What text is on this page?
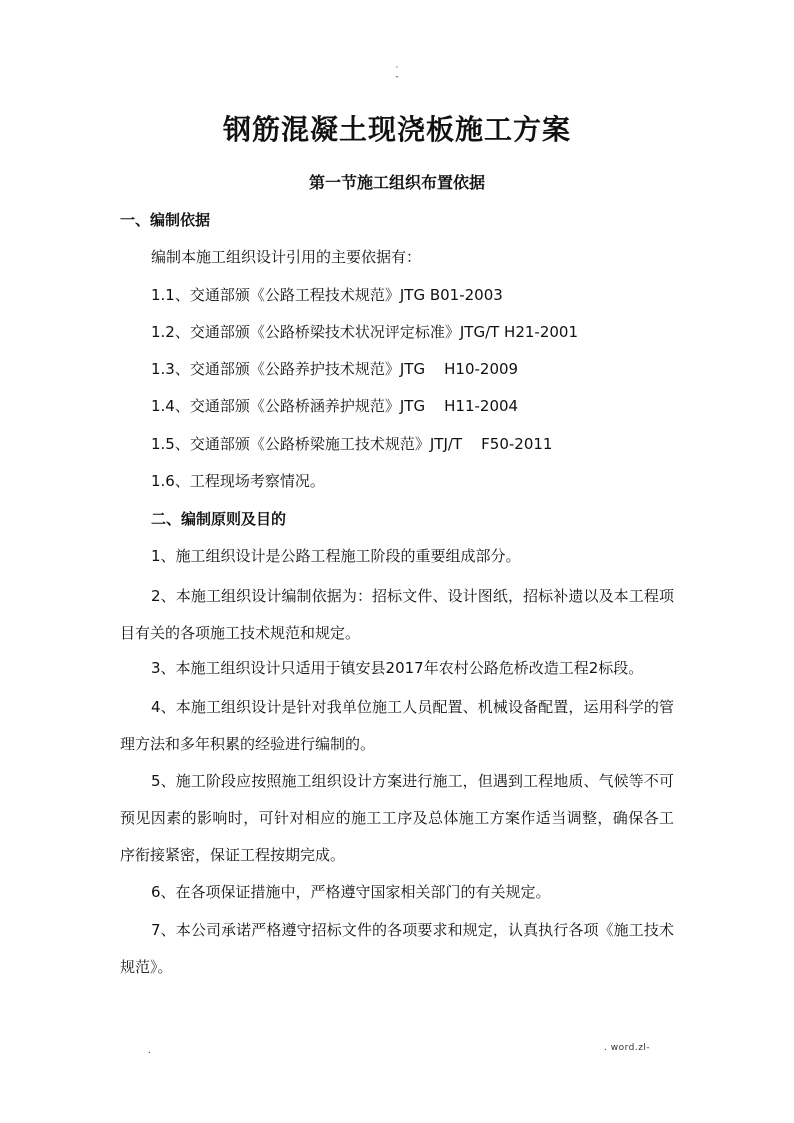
·
-
钢筋混凝土现浇板施工方案
第一节施工组织布置依据
一、编制依据
编制本施工组织设计引用的主要依据有：
1.1、交通部颁《公路工程技术规范》JTG B01-2003
1.2、交通部颁《公路桥梁技术状况评定标准》JTG/T H21-2001
1.3、交通部颁《公路养护技术规范》JTG    H10-2009
1.4、交通部颁《公路桥涵养护规范》JTG    H11-2004
1.5、交通部颁《公路桥梁施工技术规范》JTJ/T    F50-2011
1.6、工程现场考察情况。
二、编制原则及目的
1、施工组织设计是公路工程施工阶段的重要组成部分。
2、本施工组织设计编制依据为：招标文件、设计图纸，招标补遗以及本工程项目有关的各项施工技术规范和规定。
3、本施工组织设计只适用于镇安县2017年农村公路危桥改造工程2标段。
4、本施工组织设计是针对我单位施工人员配置、机械设备配置，运用科学的管理方法和多年积累的经验进行编制的。
5、施工阶段应按照施工组织设计方案进行施工，但遇到工程地质、气候等不可预见因素的影响时，可针对相应的施工工序及总体施工方案作适当调整，确保各工序衔接紧密，保证工程按期完成。
6、在各项保证措施中，严格遵守国家相关部门的有关规定。
7、本公司承诺严格遵守招标文件的各项要求和规定，认真执行各项《施工技术规范》。
.	. word.zl-
